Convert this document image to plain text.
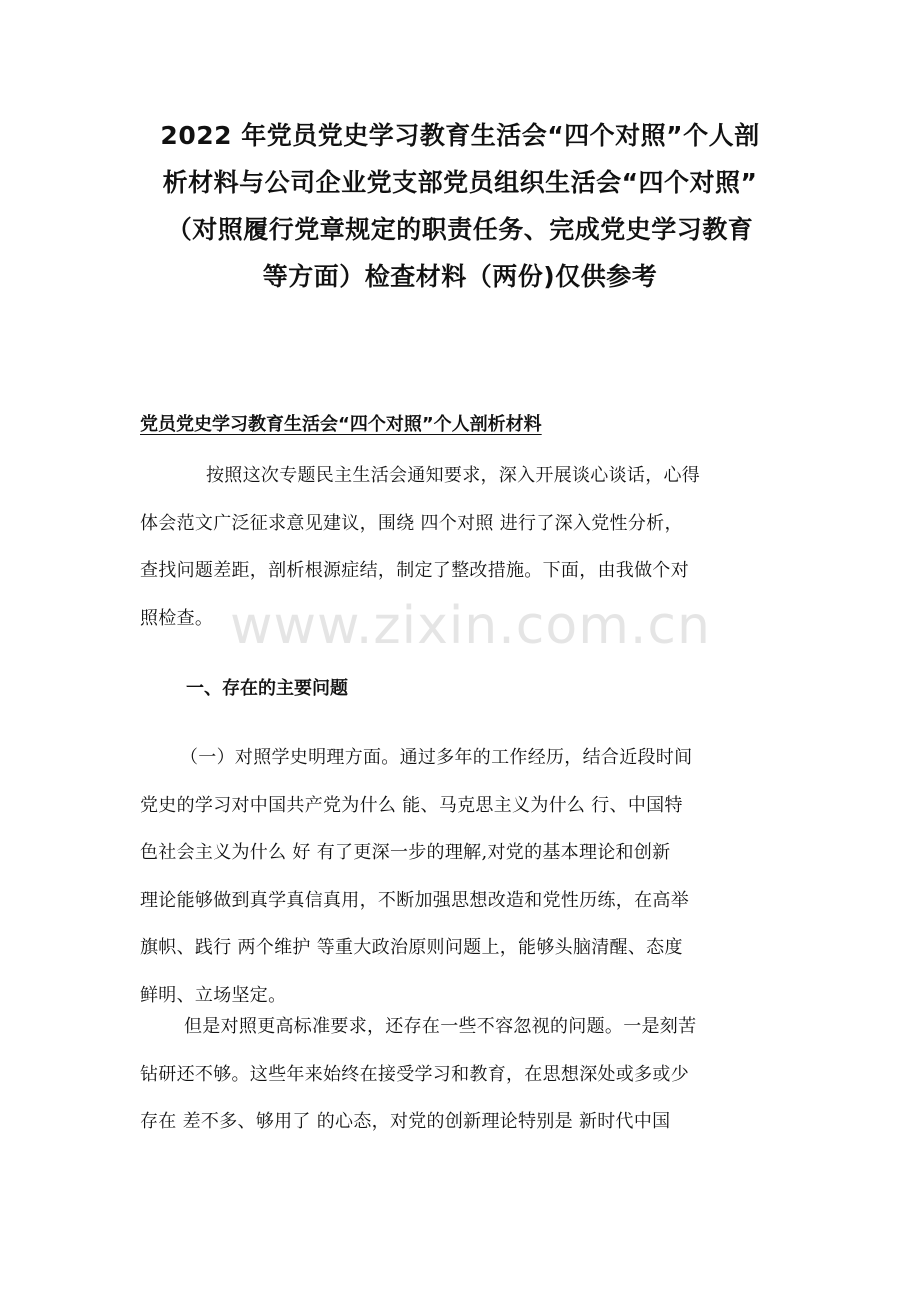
2022 年党员党史学习教育生活会“四个对照”个人剖
析材料与公司企业党支部党员组织生活会“四个对照”
（对照履行党章规定的职责任务、完成党史学习教育
等方面）检查材料（两份)仅供参考
党员党史学习教育生活会“四个对照”个人剖析材料

按照这次专题民主生活会通知要求，深入开展谈心谈话，心得
体会范文广泛征求意见建议，围绕 四个对照 进行了深入党性分析，
查找问题差距，剖析根源症结，制定了整改措施。下面，由我做个对
照检查。 www.zixin.com.cn
一、存在的主要问题

（一）对照学史明理方面。通过多年的工作经历，结合近段时间
党史的学习对中国共产党为什么 能、马克思主义为什么 行、中国特
色社会主义为什么 好 有了更深一步的理解,对党的基本理论和创新
理论能够做到真学真信真用，不断加强思想改造和党性历练，在高举
旗帜、践行 两个维护 等重大政治原则问题上，能够头脑清醒、态度
鲜明、立场坚定。

但是对照更高标准要求，还存在一些不容忽视的问题。一是刻苦
钻研还不够。这些年来始终在接受学习和教育，在思想深处或多或少
存在 差不多、够用了 的心态，对党的创新理论特别是 新时代中国
